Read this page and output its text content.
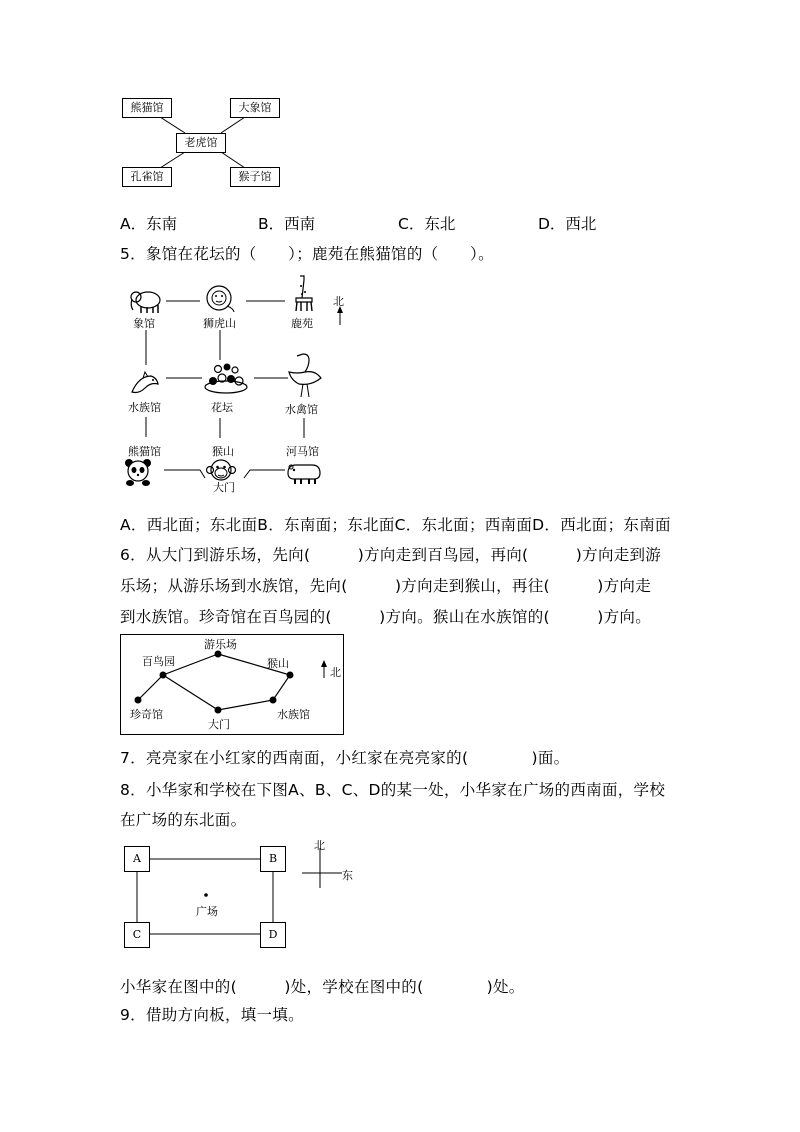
熊猫馆	大象馆
老虎馆
孔雀馆	猴子馆
A．东南	B．西南	C．东北	D．西北
5．象馆在花坛的（　　）；鹿苑在熊猫馆的（　　）。
象馆	狮虎山	鹿苑
北
水族馆	花坛	水禽馆
熊猫馆	猴山	河马馆
大门
A．西北面；东北面B．东南面；东北面C．东北面；西南面D．西北面；东南面
6．从大门到游乐场，先向(　　　)方向走到百鸟园，再向(　　　)方向走到游
乐场；从游乐场到水族馆，先向(　　　)方向走到猴山，再往(　　　)方向走
到水族馆。珍奇馆在百鸟园的(　　　)方向。猴山在水族馆的(　　　)方向。
游乐场
百鸟园	猴山
北
珍奇馆
大门
水族馆
7．亮亮家在小红家的西南面，小红家在亮亮家的(　　　　)面。
8．小华家和学校在下图A、B、C、D的某一处，小华家在广场的西南面，学校
在广场的东北面。
A	B
C	D
广场
北
东
小华家在图中的(　　　)处，学校在图中的(　　　　)处。
9．借助方向板，填一填。
